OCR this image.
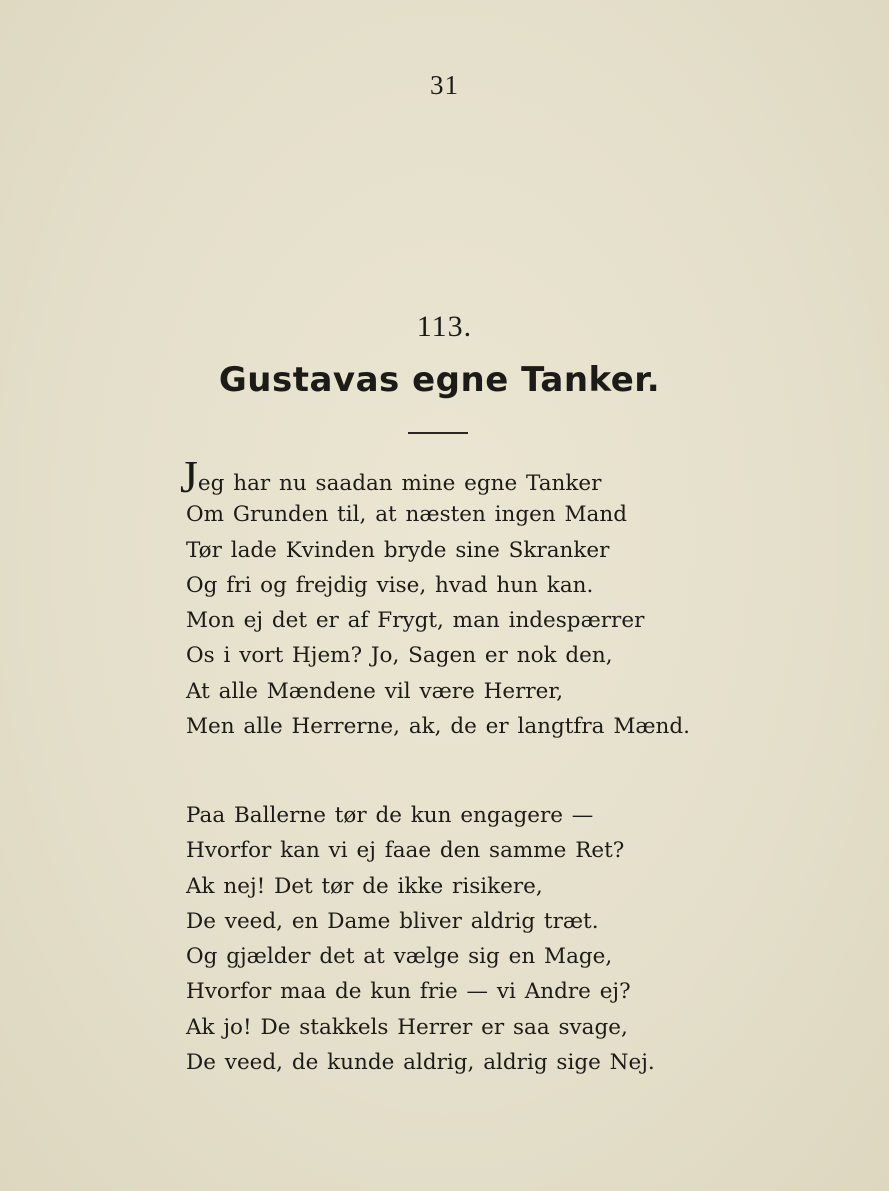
31
113.
Gustavas egne Tanker.
Jeg har nu saadan mine egne Tanker
Om Grunden til, at næsten ingen Mand
Tør lade Kvinden bryde sine Skranker
Og fri og frejdig vise, hvad hun kan.
Mon ej det er af Frygt, man indespærrer
Os i vort Hjem? Jo, Sagen er nok den,
At alle Mændene vil være Herrer,
Men alle Herrerne, ak, de er langtfra Mænd.
Paa Ballerne tør de kun engagere —
Hvorfor kan vi ej faae den samme Ret?
Ak nej! Det tør de ikke risikere,
De veed, en Dame bliver aldrig træt.
Og gjælder det at vælge sig en Mage,
Hvorfor maa de kun frie — vi Andre ej?
Ak jo! De stakkels Herrer er saa svage,
De veed, de kunde aldrig, aldrig sige Nej.
